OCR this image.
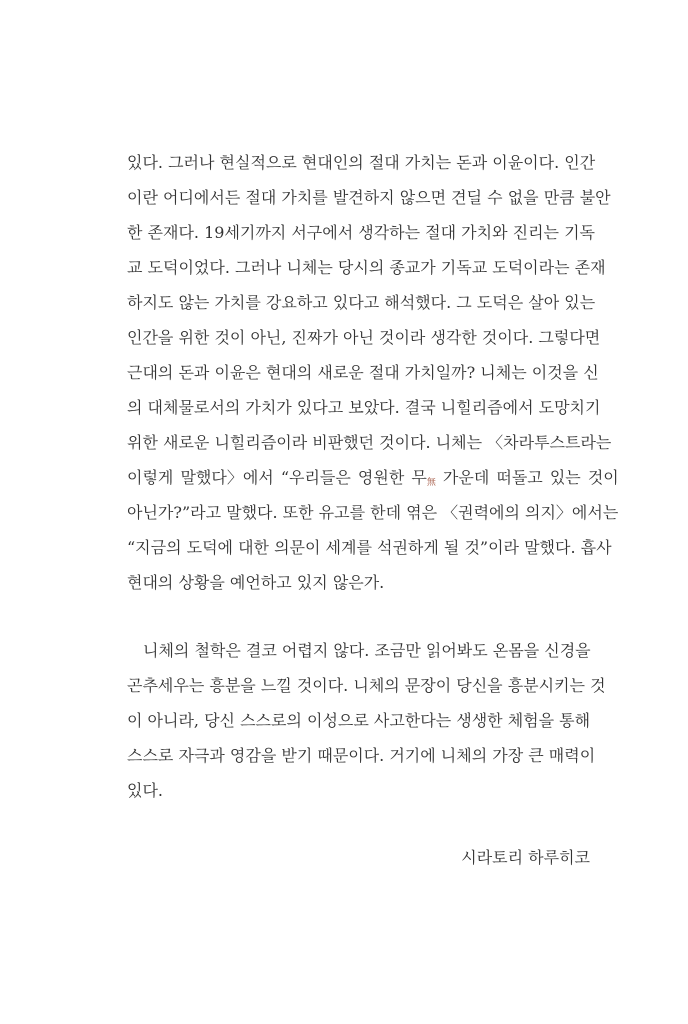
있다. 그러나 현실적으로 현대인의 절대 가치는 돈과 이윤이다. 인간
이란 어디에서든 절대 가치를 발견하지 않으면 견딜 수 없을 만큼 불안
한 존재다. 19세기까지 서구에서 생각하는 절대 가치와 진리는 기독
교 도덕이었다. 그러나 니체는 당시의 종교가 기독교 도덕이라는 존재
하지도 않는 가치를 강요하고 있다고 해석했다. 그 도덕은 살아 있는
인간을 위한 것이 아닌, 진짜가 아닌 것이라 생각한 것이다. 그렇다면
근대의 돈과 이윤은 현대의 새로운 절대 가치일까? 니체는 이것을 신
의 대체물로서의 가치가 있다고 보았다. 결국 니힐리즘에서 도망치기
위한 새로운 니힐리즘이라 비판했던 것이다. 니체는 〈차라투스트라는
이렇게 말했다〉에서 “우리들은 영원한 무無 가운데 떠돌고 있는 것이
아닌가?”라고 말했다. 또한 유고를 한데 엮은 〈권력에의 의지〉에서는
“지금의 도덕에 대한 의문이 세계를 석권하게 될 것”이라 말했다. 흡사
현대의 상황을 예언하고 있지 않은가.
니체의 철학은 결코 어렵지 않다. 조금만 읽어봐도 온몸을 신경을
곤추세우는 흥분을 느낄 것이다. 니체의 문장이 당신을 흥분시키는 것
이 아니라, 당신 스스로의 이성으로 사고한다는 생생한 체험을 통해
스스로 자극과 영감을 받기 때문이다. 거기에 니체의 가장 큰 매력이
있다.
시라토리 하루히코
